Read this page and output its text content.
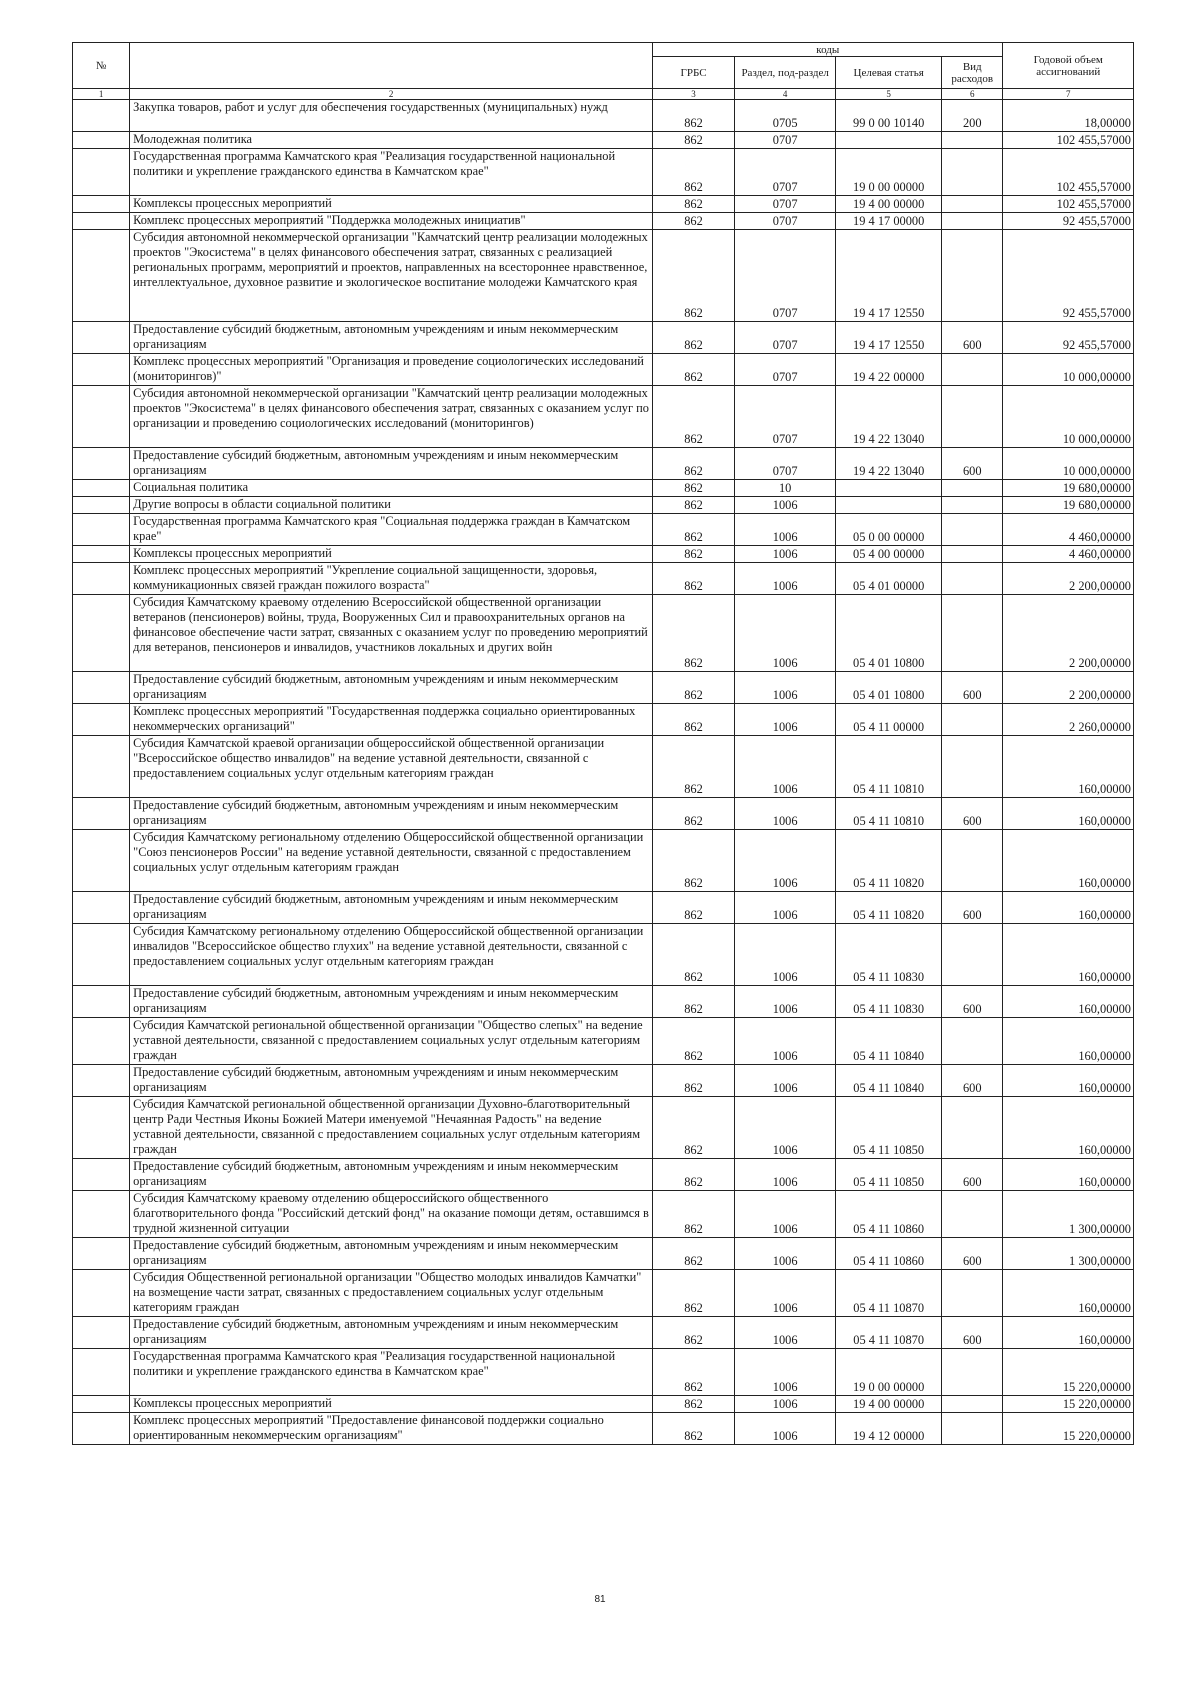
№		коды				Годовой объем ассигнований
		ГРБС	Раздел, под-раздел	Целевая статья	Вид расходов	
1	2	3	4	5	6	7
	Закупка товаров, работ и услуг для обеспечения государственных (муниципальных) нужд	862	0705	99 0 00 10140	200	18,00000
	Молодежная политика	862	0707			102 455,57000
	Государственная программа Камчатского края "Реализация государственной национальной политики и укрепление гражданского единства в Камчатском крае"	862	0707	19 0 00 00000		102 455,57000
	Комплексы процессных мероприятий	862	0707	19 4 00 00000		102 455,57000
	Комплекс процессных мероприятий "Поддержка молодежных инициатив"	862	0707	19 4 17 00000		92 455,57000
	Субсидия автономной некоммерческой организации "Камчатский центр реализации молодежных проектов "Экосистема" в целях финансового обеспечения затрат, связанных с реализацией региональных программ, мероприятий и проектов, направленных на всестороннее нравственное, интеллектуальное, духовное развитие и экологическое воспитание молодежи Камчатского края	862	0707	19 4 17 12550		92 455,57000
	Предоставление субсидий бюджетным, автономным учреждениям и иным некоммерческим организациям	862	0707	19 4 17 12550	600	92 455,57000
	Комплекс процессных мероприятий "Организация и проведение социологических исследований (мониторингов)"	862	0707	19 4 22 00000		10 000,00000
	Субсидия автономной некоммерческой организации "Камчатский центр реализации молодежных проектов "Экосистема" в целях финансового обеспечения затрат, связанных с оказанием услуг по организации и проведению социологических исследований (мониторингов)	862	0707	19 4 22 13040		10 000,00000
	Предоставление субсидий бюджетным, автономным учреждениям и иным некоммерческим организациям	862	0707	19 4 22 13040	600	10 000,00000
	Социальная политика	862	10			19 680,00000
	Другие вопросы в области социальной политики	862	1006			19 680,00000
	Государственная программа Камчатского края "Социальная поддержка граждан в Камчатском крае"	862	1006	05 0 00 00000		4 460,00000
	Комплексы процессных мероприятий	862	1006	05 4 00 00000		4 460,00000
	Комплекс процессных мероприятий "Укрепление социальной защищенности, здоровья, коммуникационных связей граждан пожилого возраста"	862	1006	05 4 01 00000		2 200,00000
	Субсидия Камчатскому краевому отделению Всероссийской общественной организации ветеранов (пенсионеров) войны, труда, Вооруженных Сил и правоохранительных органов на финансовое обеспечение части затрат, связанных с оказанием услуг по проведению мероприятий для ветеранов, пенсионеров и инвалидов, участников локальных и других войн	862	1006	05 4 01 10800		2 200,00000
	Предоставление субсидий бюджетным, автономным учреждениям и иным некоммерческим организациям	862	1006	05 4 01 10800	600	2 200,00000
	Комплекс процессных мероприятий "Государственная поддержка социально ориентированных некоммерческих организаций"	862	1006	05 4 11 00000		2 260,00000
	Субсидия Камчатской краевой организации общероссийской общественной организации "Всероссийское общество инвалидов" на ведение уставной деятельности, связанной с предоставлением социальных услуг отдельным категориям граждан	862	1006	05 4 11 10810		160,00000
	Предоставление субсидий бюджетным, автономным учреждениям и иным некоммерческим организациям	862	1006	05 4 11 10810	600	160,00000
	Субсидия Камчатскому региональному отделению Общероссийской общественной организации "Союз пенсионеров России" на ведение уставной деятельности, связанной с предоставлением социальных услуг отдельным категориям граждан	862	1006	05 4 11 10820		160,00000
	Предоставление субсидий бюджетным, автономным учреждениям и иным некоммерческим организациям	862	1006	05 4 11 10820	600	160,00000
	Субсидия Камчатскому региональному отделению Общероссийской общественной организации инвалидов "Всероссийское общество глухих" на ведение уставной деятельности, связанной с предоставлением социальных услуг отдельным категориям граждан	862	1006	05 4 11 10830		160,00000
	Предоставление субсидий бюджетным, автономным учреждениям и иным некоммерческим организациям	862	1006	05 4 11 10830	600	160,00000
	Субсидия Камчатской региональной общественной организации "Общество слепых" на ведение уставной деятельности, связанной с предоставлением социальных услуг отдельным категориям граждан	862	1006	05 4 11 10840		160,00000
	Предоставление субсидий бюджетным, автономным учреждениям и иным некоммерческим организациям	862	1006	05 4 11 10840	600	160,00000
	Субсидия Камчатской региональной общественной организации Духовно-благотворительный центр Ради Честныя Иконы Божией Матери именуемой "Нечаянная Радость" на ведение уставной деятельности, связанной с предоставлением социальных услуг отдельным категориям граждан	862	1006	05 4 11 10850		160,00000
	Предоставление субсидий бюджетным, автономным учреждениям и иным некоммерческим организациям	862	1006	05 4 11 10850	600	160,00000
	Субсидия Камчатскому краевому отделению общероссийского общественного благотворительного фонда "Российский детский фонд" на оказание помощи детям, оставшимся в трудной жизненной ситуации	862	1006	05 4 11 10860		1 300,00000
	Предоставление субсидий бюджетным, автономным учреждениям и иным некоммерческим организациям	862	1006	05 4 11 10860	600	1 300,00000
	Субсидия Общественной региональной организации "Общество молодых инвалидов Камчатки" на возмещение части затрат, связанных с предоставлением социальных услуг отдельным категориям граждан	862	1006	05 4 11 10870		160,00000
	Предоставление субсидий бюджетным, автономным учреждениям и иным некоммерческим организациям	862	1006	05 4 11 10870	600	160,00000
	Государственная программа Камчатского края "Реализация государственной национальной политики и укрепление гражданского единства в Камчатском крае"	862	1006	19 0 00 00000		15 220,00000
	Комплексы процессных мероприятий	862	1006	19 4 00 00000		15 220,00000
	Комплекс процессных мероприятий "Предоставление финансовой поддержки социально ориентированным некоммерческим организациям"	862	1006	19 4 12 00000		15 220,00000
81
